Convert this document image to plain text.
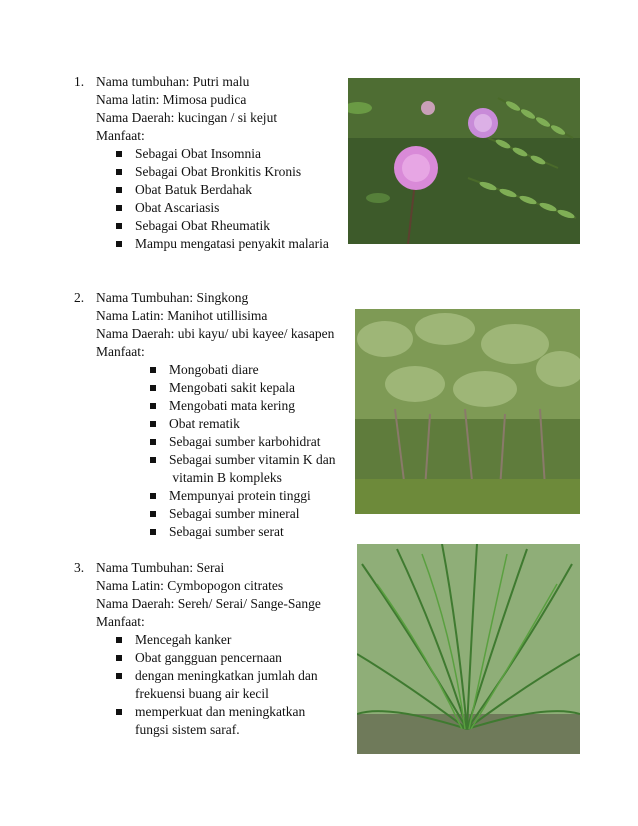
1. Nama tumbuhan: Putri malu
Nama latin: Mimosa pudica
Nama Daerah: kucingan / si kejut
Manfaat:
Sebagai Obat Insomnia
Sebagai Obat Bronkitis Kronis
Obat Batuk Berdahak
Obat Ascariasis
Sebagai Obat Rheumatik
Mampu mengatasi penyakit malaria
2. Nama Tumbuhan: Singkong
Nama Latin: Manihot utillisima
Nama Daerah: ubi kayu/ ubi kayee/ kasapen
Manfaat:
Mongobati diare
Mengobati sakit kepala
Mengobati mata kering
Obat rematik
Sebagai sumber karbohidrat
Sebagai sumber vitamin K dan
vitamin B kompleks
Mempunyai protein tinggi
Sebagai sumber mineral
Sebagai sumber serat
3. Nama Tumbuhan: Serai
Nama Latin: Cymbopogon citrates
Nama Daerah: Sereh/ Serai/ Sange-Sange
Manfaat:
Mencegah kanker
Obat gangguan pencernaan
dengan meningkatkan jumlah dan
frekuensi buang air kecil
memperkuat dan meningkatkan
fungsi sistem saraf.
